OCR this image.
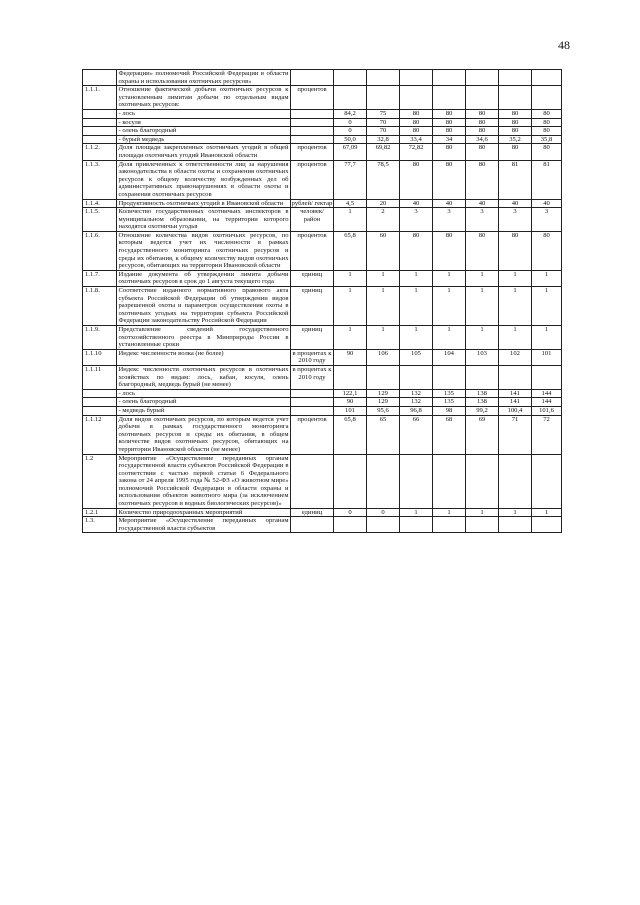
48
	Федерации» полномочий Российской Федерации в области охраны и использования охотничьих ресурсов»								
1.1.1.	Отношение фактической добычи охотничьих ресурсов к установленным лимитам добычи по отдельным видам охотничьих ресурсов:	процентов							
	- лось		84,2	75	80	80	80	80	80
	- косуля		0	70	80	80	80	80	80
	- олень благородный		0	70	80	80	80	80	80
	- бурый медведь		50,0	32,8	33,4	34	34,6	35,2	35,8
1.1.2.	Доля площади закрепленных охотничьих угодий в общей площади охотничьих угодий Ивановской области	процентов	67,09	69,82	72,82	80	80	80	80
1.1.3.	Доля привлеченных к ответственности лиц за нарушения законодательства в области охоты и сохранения охотничьих ресурсов к общему количеству возбужденных дел об административных правонарушениях в области охоты и сохранения охотничьих ресурсов	процентов	77,7	78,5	80	80	80	81	81
1.1.4.	Продуктивность охотничьих угодий в Ивановской области	рублей/ гектар	4,5	20	40	40	40	40	40
1.1.5.	Количество государственных охотничьих инспекторов в муниципальном образовании, на территории которого находятся охотничьи угодья	человек/ район	1	2	3	3	3	3	3
1.1.6.	Отношение количества видов охотничьих ресурсов, по которым ведется учет их численности в рамках государственного мониторинга охотничьих ресурсов и среды их обитания, к общему количеству видов охотничьих ресурсов, обитающих на территории Ивановской области	процентов	65,8	60	80	80	80	80	80
1.1.7.	Издание документа об утверждении лимита добычи охотничьих ресурсов в срок до 1 августа текущего года	единиц	1	1	1	1	1	1	1
1.1.8.	Соответствие изданного нормативного правового акта субъекта Российской Федерации об утверждении видов разрешенной охоты и параметров осуществления охоты в охотничьих угодьях на территории субъекта Российской Федерации законодательству Российской Федерации	единиц	1	1	1	1	1	1	1
1.1.9.	Представление сведений государственного охотхозяйственного реестра в Минприроды России в установленные сроки	единиц	1	1	1	1	1	1	1
1.1.10	Индекс численности волка (не более)	в процентах к 2010 году	90	106	105	104	103	102	101
1.1.11	Индекс численности охотничьих ресурсов в охотничьих хозяйствах по видам: лось, кабан, косуля, олень благородный, медведь бурый (не менее)	в процентах к 2010 году							
	- лось		122,1	129	132	135	138	141	144
	- олень благородный		90	129	132	135	138	141	144
	- медведь бурый		101	95,6	96,8	98	99,2	100,4	101,6
1.1.12	Доля видов охотничьих ресурсов, по которым ведется учет добычи в рамках государственного мониторинга охотничьих ресурсов и среды их обитания, в общем количестве видов охотничьих ресурсов, обитающих на территории Ивановской области (не менее)	процентов	65,8	65	66	68	69	71	72
1.2	Мероприятие «Осуществление переданных органам государственной власти субъектов Российской Федерации в соответствии с частью первой статьи 6 Федерального закона от 24 апреля 1995 года № 52-ФЗ «О животном мире» полномочий Российской Федерации в области охраны и использования объектов животного мира (за исключением охотничьих ресурсов и водных биологических ресурсов)»								
1.2.1	Количество природоохранных мероприятий	единиц	0	0	1	1	1	1	1
1.3.	Мероприятие «Осуществление переданных органам государственной власти субъектов								
